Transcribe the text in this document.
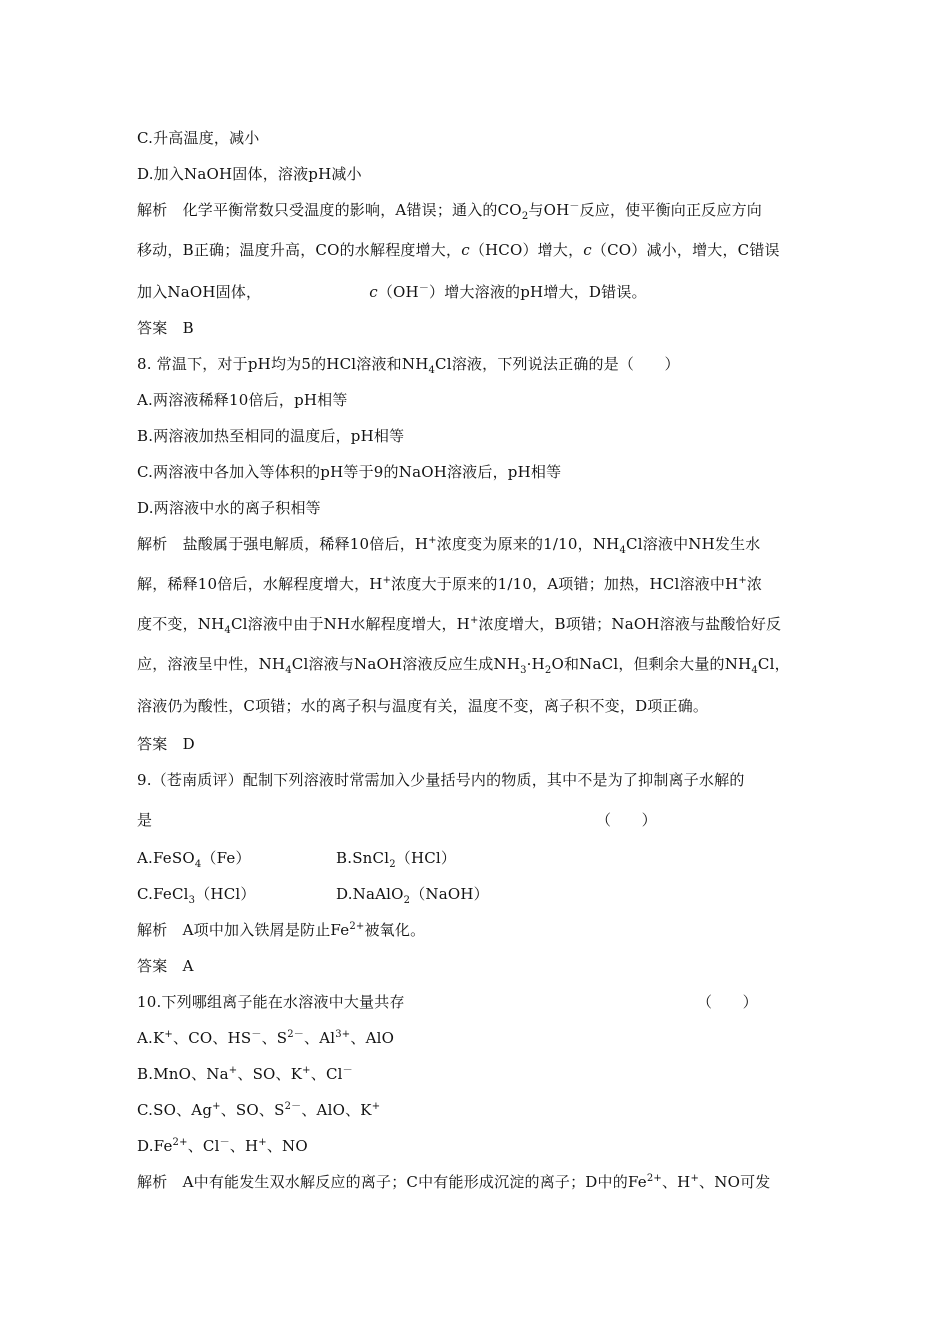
C.升高温度，减小
D.加入NaOH固体，溶液pH减小
解析　化学平衡常数只受温度的影响，A错误；通入的$CO_2$与OH－反应，使平衡向正反应方向
移动，B正确；温度升高，CO的水解程度增大，c（HCO）增大，c（CO）减小，增大，C错误
加入NaOH固体，	c（OH－）增大溶液的pH增大，D错误。
答案　B
8. 常温下，对于pH均为5的HCl溶液和$NH_4Cl$溶液，下列说法正确的是（　　）
A.两溶液稀释10倍后，pH相等
B.两溶液加热至相同的温度后，pH相等
C.两溶液中各加入等体积的pH等于9的NaOH溶液后，pH相等
D.两溶液中水的离子积相等
解析　盐酸属于强电解质，稀释10倍后，H+浓度变为原来的1/10，$NH_4Cl$溶液中NH发生水
解，稀释10倍后，水解程度增大，H+浓度大于原来的1/10，A项错；加热，HCl溶液中H+浓
度不变，$NH_4Cl$溶液中由于NH水解程度增大，H+浓度增大，B项错；NaOH溶液与盐酸恰好反
应，溶液呈中性，$NH_4Cl$溶液与NaOH溶液反应生成$NH_3\cdot H_2O$和NaCl，但剩余大量的$NH_4Cl$，
溶液仍为酸性，C项错；水的离子积与温度有关，温度不变，离子积不变，D项正确。
答案　D
9.（苍南质评）配制下列溶液时常需加入少量括号内的物质，其中不是为了抑制离子水解的
是	（　　）
A.FeSO$_4$（Fe）	B.SnCl$_2$（HCl）
C.FeCl$_3$（HCl）	D.NaAlO$_2$（NaOH）
解析　A项中加入铁屑是防止$Fe^{2+}$被氧化。
答案　A
10.下列哪组离子能在水溶液中大量共存	（　　）
A.K+、CO、HS－、$S^{2-}$、$Al^{3+}$、AlO
B.MnO、Na+、SO、K+、Cl－
C.SO、Ag+、SO、$S^{2-}$、AlO、K+
$D.Fe^{2+}$、Cl－、H+、NO
解析　A中有能发生双水解反应的离子；C中有能形成沉淀的离子；D中的$Fe^{2+}$、H+、NO可发
